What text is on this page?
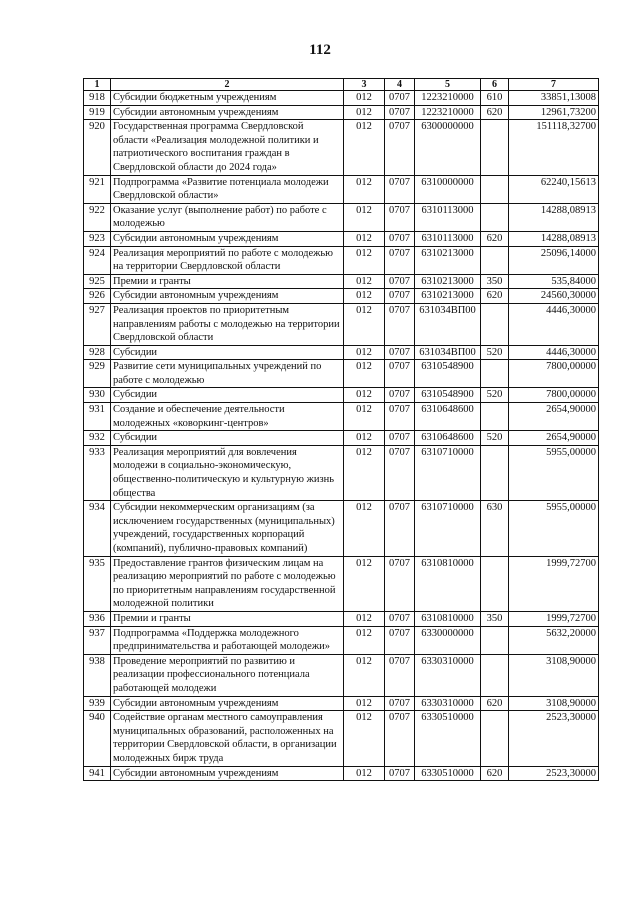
112
1	2	3	4	5	6	7
918	Субсидии бюджетным учреждениям	012	0707	1223210000	610	33851,13008
919	Субсидии автономным учреждениям	012	0707	1223210000	620	12961,73200
920	Государственная программа Свердловской области «Реализация молодежной политики и патриотического воспитания граждан в Свердловской области до 2024 года»	012	0707	6300000000		151118,32700
921	Подпрограмма «Развитие потенциала молодежи Свердловской области»	012	0707	6310000000		62240,15613
922	Оказание услуг (выполнение работ) по работе с молодежью	012	0707	6310113000		14288,08913
923	Субсидии автономным учреждениям	012	0707	6310113000	620	14288,08913
924	Реализация мероприятий по работе с молодежью на территории Свердловской области	012	0707	6310213000		25096,14000
925	Премии и гранты	012	0707	6310213000	350	535,84000
926	Субсидии автономным учреждениям	012	0707	6310213000	620	24560,30000
927	Реализация проектов по приоритетным направлениям работы с молодежью на территории Свердловской области	012	0707	631034ВП00		4446,30000
928	Субсидии	012	0707	631034ВП00	520	4446,30000
929	Развитие сети муниципальных учреждений по работе с молодежью	012	0707	6310548900		7800,00000
930	Субсидии	012	0707	6310548900	520	7800,00000
931	Создание и обеспечение деятельности молодежных «коворкинг-центров»	012	0707	6310648600		2654,90000
932	Субсидии	012	0707	6310648600	520	2654,90000
933	Реализация мероприятий для вовлечения молодежи в социально-экономическую, общественно-политическую и культурную жизнь общества	012	0707	6310710000		5955,00000
934	Субсидии некоммерческим организациям (за исключением государственных (муниципальных) учреждений, государственных корпораций (компаний), публично-правовых компаний)	012	0707	6310710000	630	5955,00000
935	Предоставление грантов физическим лицам на реализацию мероприятий по работе с молодежью по приоритетным направлениям государственной молодежной политики	012	0707	6310810000		1999,72700
936	Премии и гранты	012	0707	6310810000	350	1999,72700
937	Подпрограмма «Поддержка молодежного предпринимательства и работающей молодежи»	012	0707	6330000000		5632,20000
938	Проведение мероприятий по развитию и реализации профессионального потенциала работающей молодежи	012	0707	6330310000		3108,90000
939	Субсидии автономным учреждениям	012	0707	6330310000	620	3108,90000
940	Содействие органам местного самоуправления муниципальных образований, расположенных на территории Свердловской области, в организации молодежных бирж труда	012	0707	6330510000		2523,30000
941	Субсидии автономным учреждениям	012	0707	6330510000	620	2523,30000
